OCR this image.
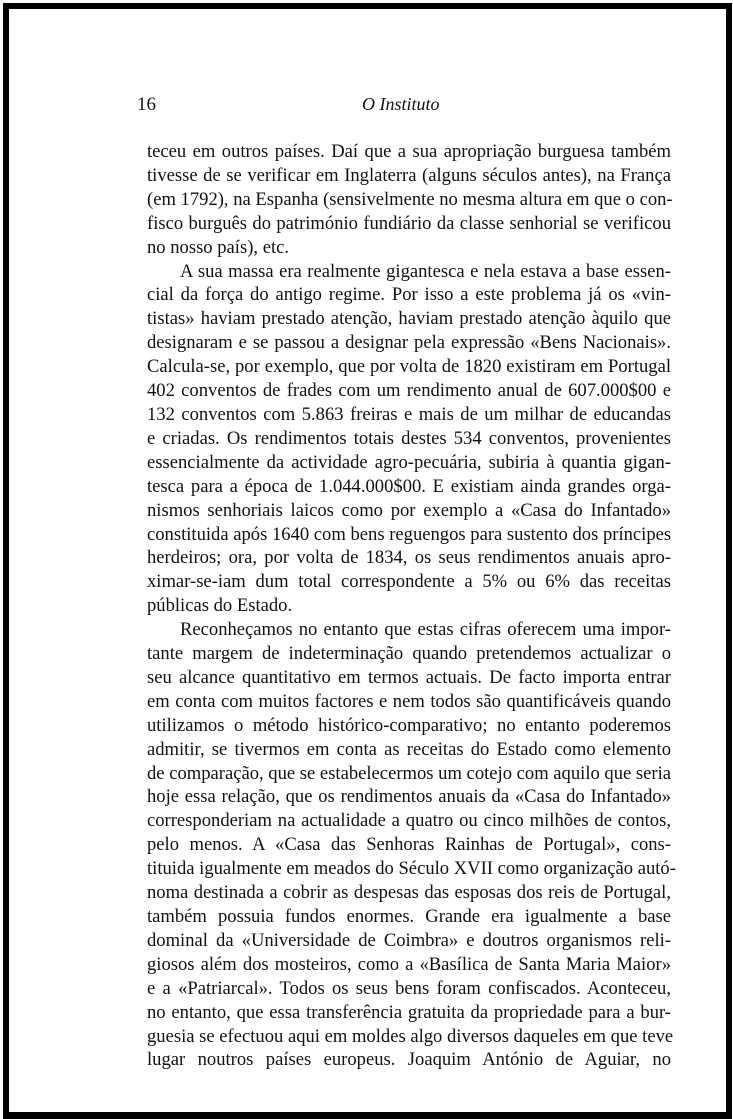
16	O Instituto
teceu em outros países. Daí que a sua apropriação burguesa também
tivesse de se verificar em Inglaterra (alguns séculos antes), na França
(em 1792), na Espanha (sensivelmente no mesma altura em que o con-
fisco burguês do património fundiário da classe senhorial se verificou
no nosso país), etc.
A sua massa era realmente gigantesca e nela estava a base essen-
cial da força do antigo regime. Por isso a este problema já os «vin-
tistas» haviam prestado atenção, haviam prestado atenção àquilo que
designaram e se passou a designar pela expressão «Bens Nacionais».
Calcula-se, por exemplo, que por volta de 1820 existiram em Portugal
402 conventos de frades com um rendimento anual de 607.000$00 e
132 conventos com 5.863 freiras e mais de um milhar de educandas
e criadas. Os rendimentos totais destes 534 conventos, provenientes
essencialmente da actividade agro-pecuária, subiria à quantia gigan-
tesca para a época de 1.044.000$00. E existiam ainda grandes orga-
nismos senhoriais laicos como por exemplo a «Casa do Infantado»
constituida após 1640 com bens reguengos para sustento dos príncipes
herdeiros; ora, por volta de 1834, os seus rendimentos anuais apro-
ximar-se-iam dum total correspondente a 5% ou 6% das receitas
públicas do Estado.
Reconheçamos no entanto que estas cifras oferecem uma impor-
tante margem de indeterminação quando pretendemos actualizar o
seu alcance quantitativo em termos actuais. De facto importa entrar
em conta com muitos factores e nem todos são quantificáveis quando
utilizamos o método histórico-comparativo; no entanto poderemos
admitir, se tivermos em conta as receitas do Estado como elemento
de comparação, que se estabelecermos um cotejo com aquilo que seria
hoje essa relação, que os rendimentos anuais da «Casa do Infantado»
corresponderiam na actualidade a quatro ou cinco milhões de contos,
pelo menos. A «Casa das Senhoras Rainhas de Portugal», cons-
tituida igualmente em meados do Século XVII como organização autó-
noma destinada a cobrir as despesas das esposas dos reis de Portugal,
também possuia fundos enormes. Grande era igualmente a base
dominal da «Universidade de Coimbra» e doutros organismos reli-
giosos além dos mosteiros, como a «Basílica de Santa Maria Maior»
e a «Patriarcal». Todos os seus bens foram confiscados. Aconteceu,
no entanto, que essa transferência gratuita da propriedade para a bur-
guesia se efectuou aqui em moldes algo diversos daqueles em que teve
lugar noutros países europeus. Joaquim António de Aguiar, no
